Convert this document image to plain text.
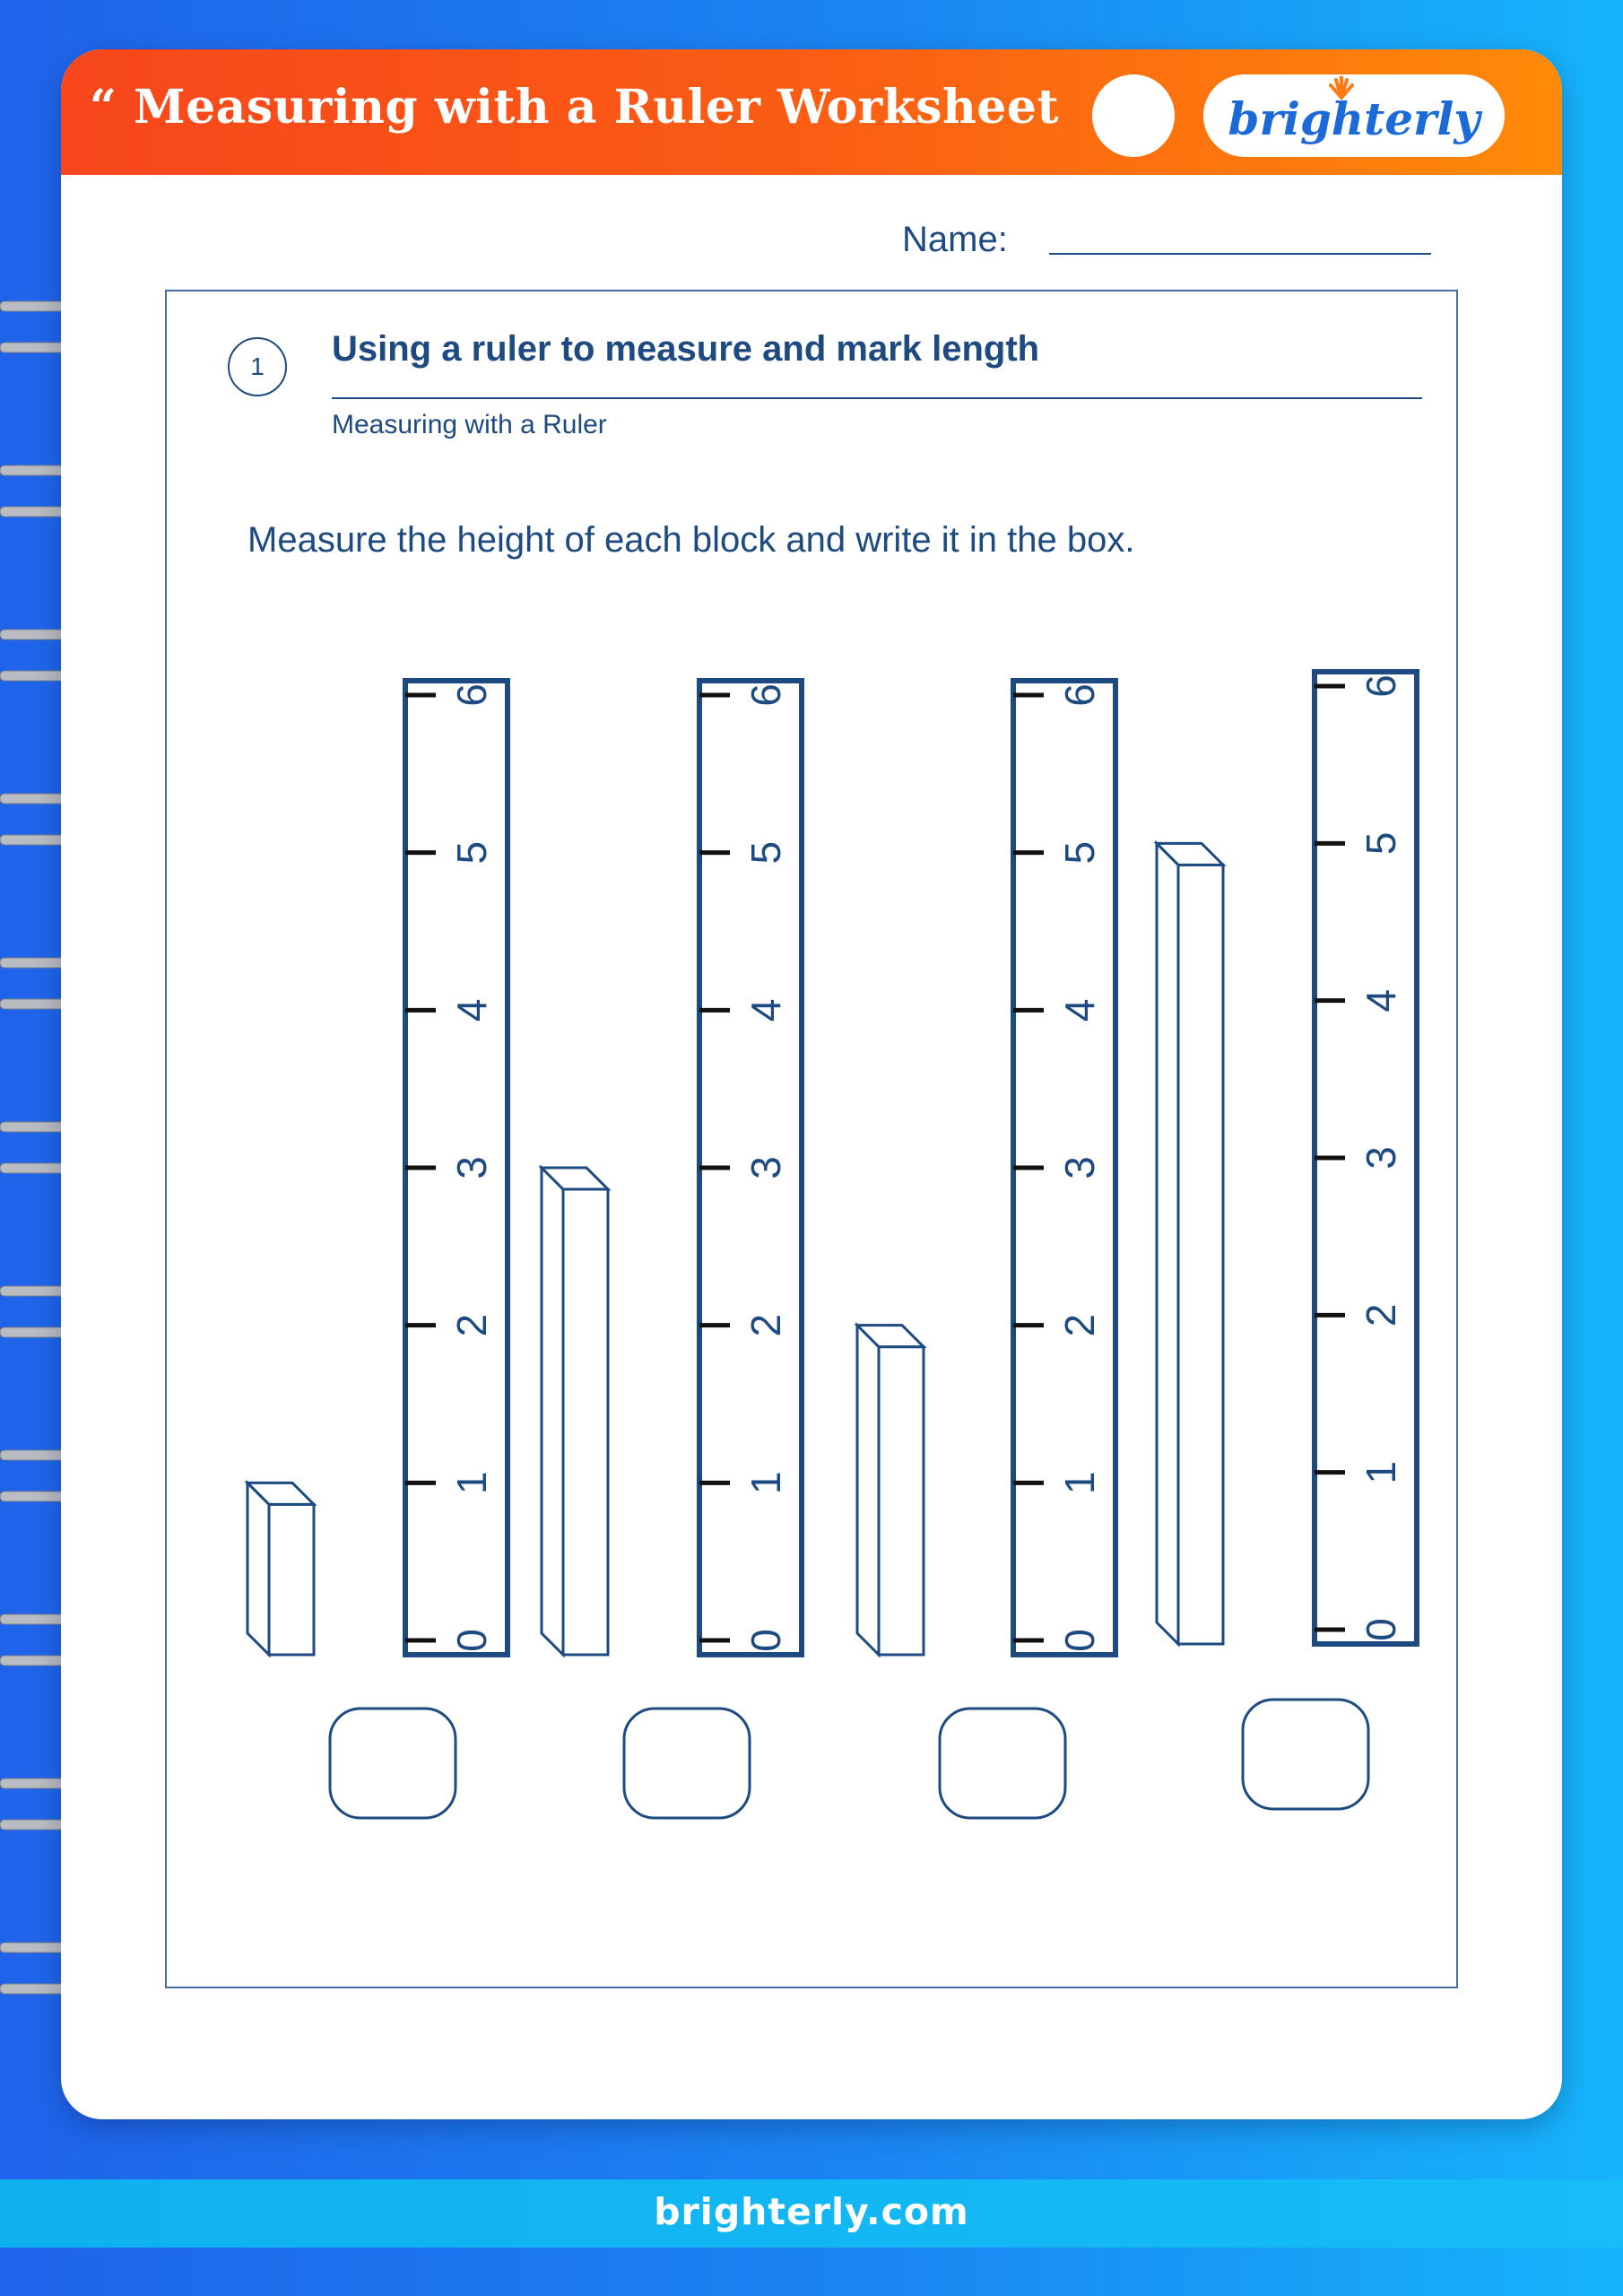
brighterly.com
“ Measuring with a Ruler Worksheet	brighterly
Name:
1	Using a ruler to measure and mark length
Measuring with a Ruler
Measure the height of each block and write it in the box.
0
1
2
3
4
5
6
0
1
2
3
4
5
6
0
1
2
3
4
5
6
0
1
2
3
4
5
6
